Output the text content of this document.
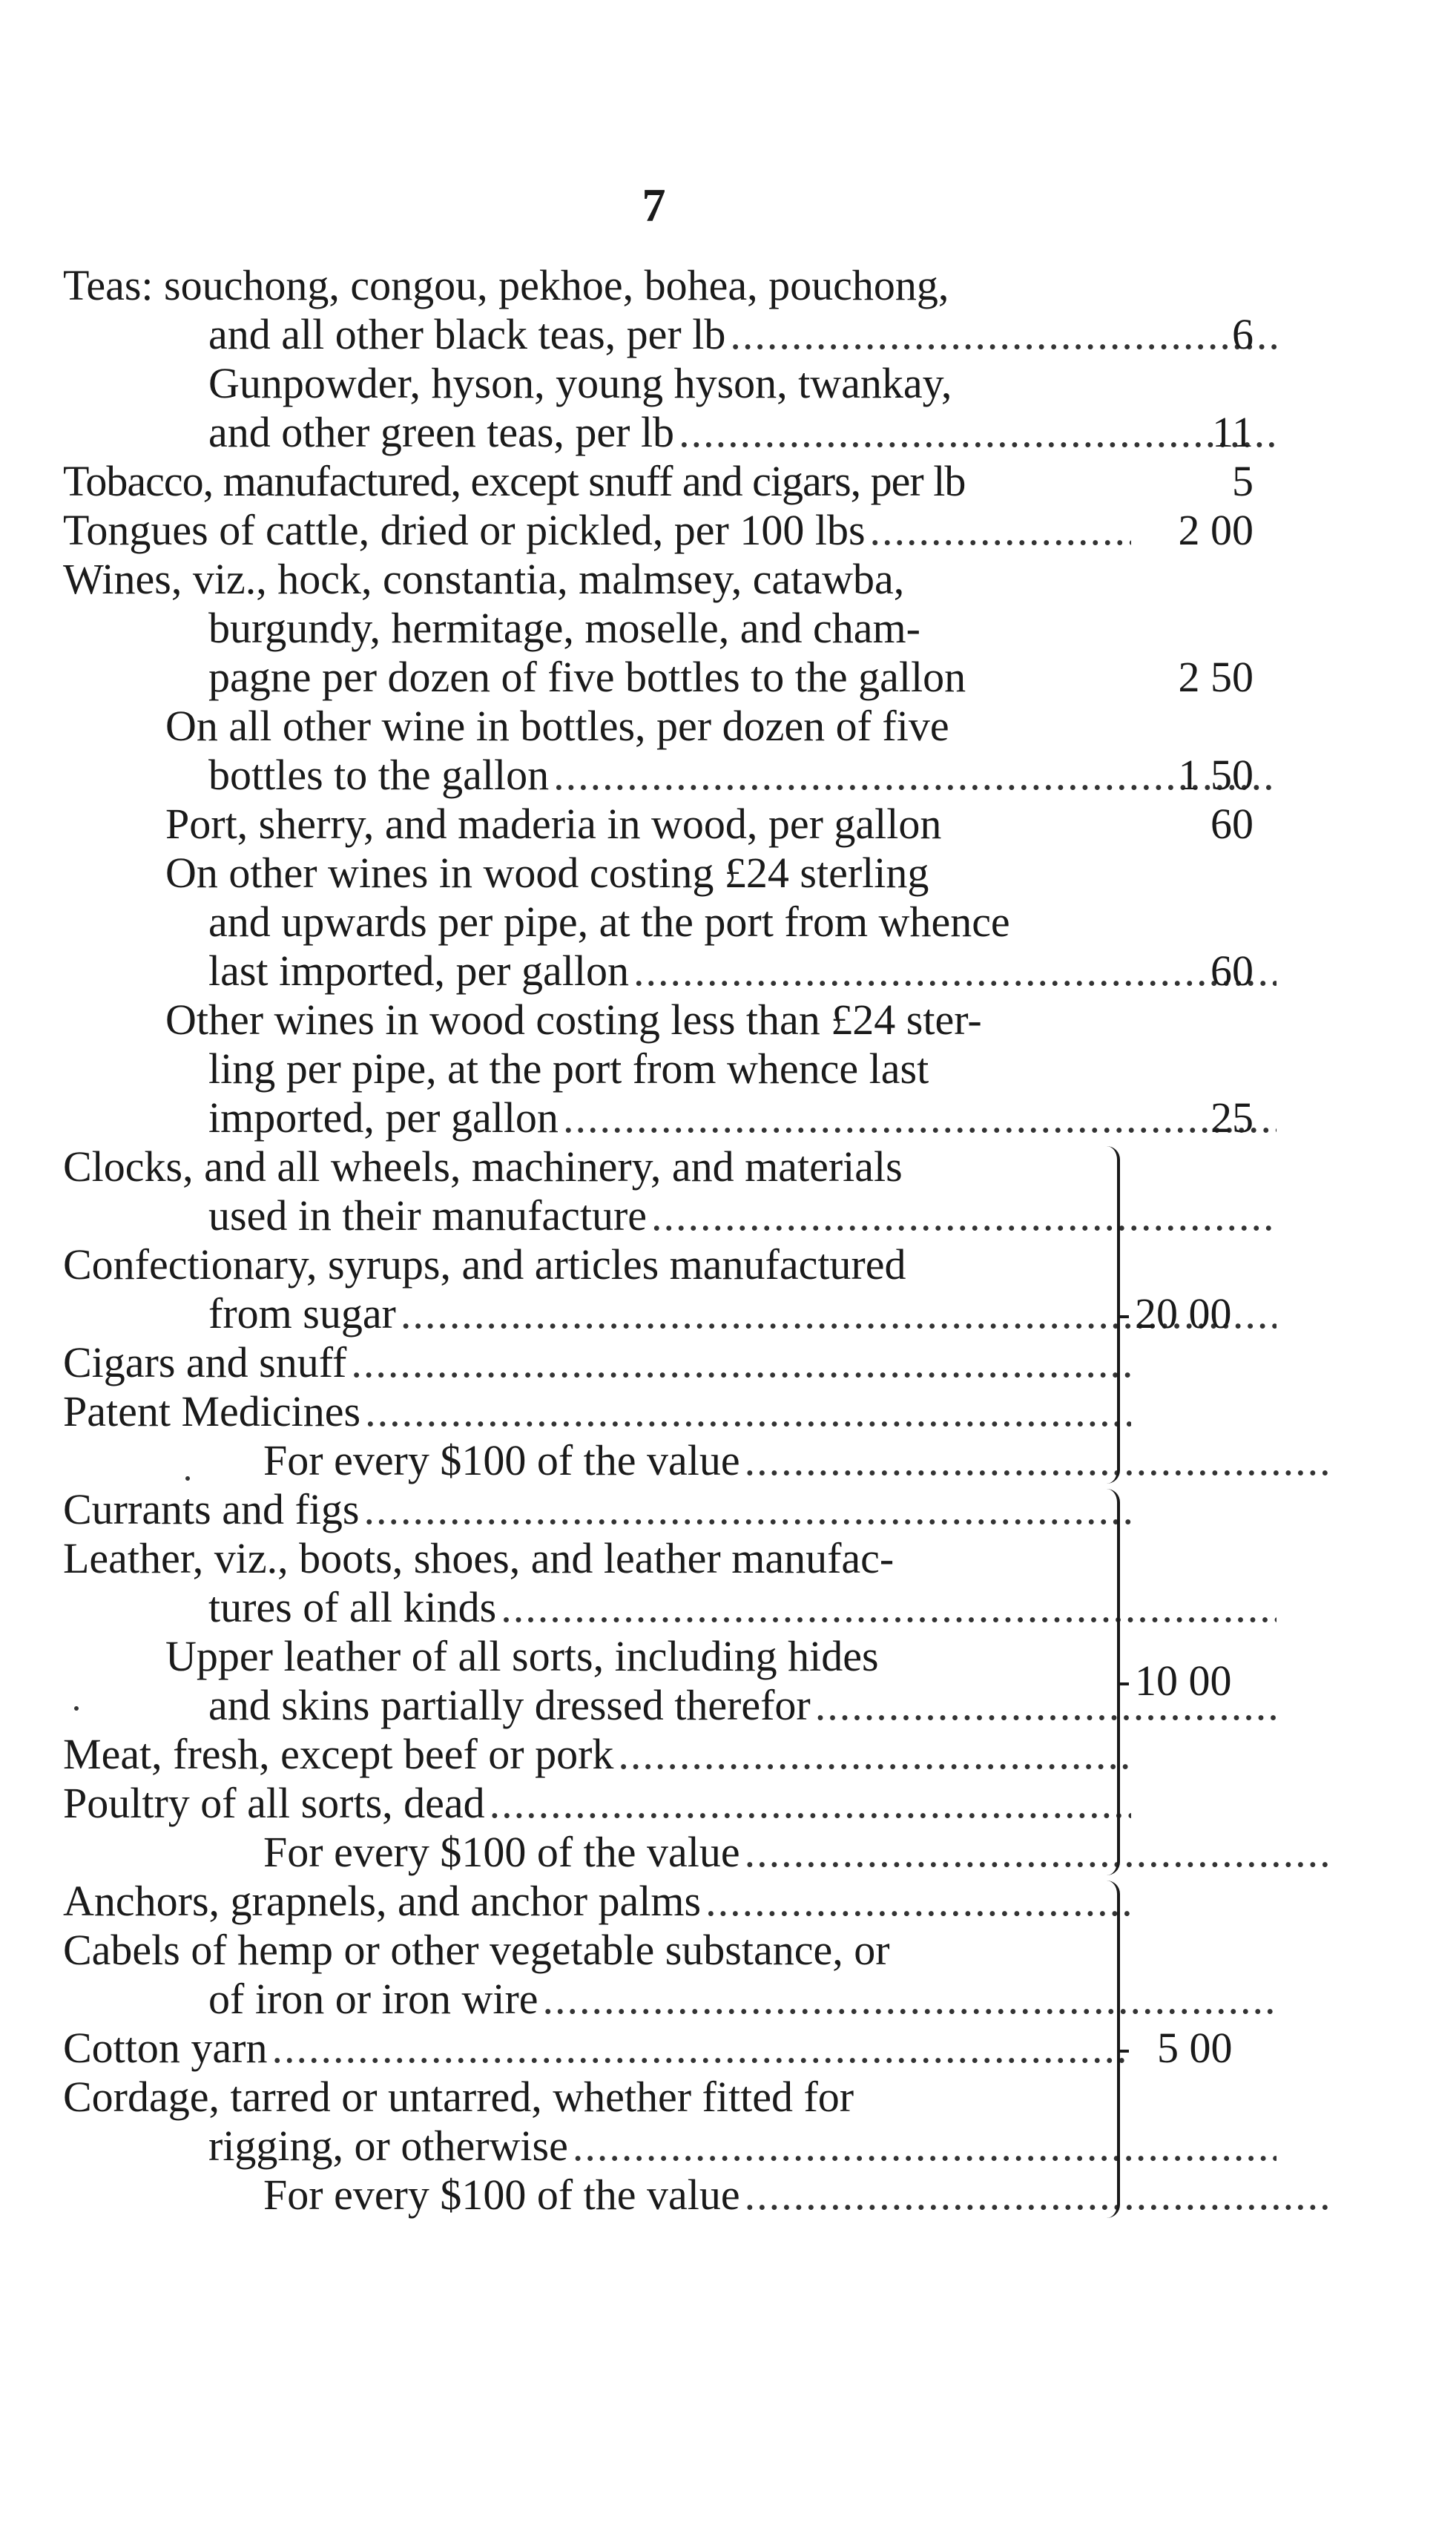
7
Teas: souchong, congou, pekhoe, bohea, pouchong,
and all other black teas, per lb
.....
Gunpowder, hyson, young hyson, twankay,
and other green teas, per lb
.....
Tobacco, manufactured, except snuff and cigars, per lb
Tongues of cattle, dried or pickled, per 100 lbs
.....
Wines, viz., hock, constantia, malmsey, catawba,
burgundy, hermitage, moselle, and cham-
pagne per dozen of five bottles to the gallon
On all other wine in bottles, per dozen of five
bottles to the gallon
.....
Port, sherry, and maderia in wood, per gallon
On other wines in wood costing £24 sterling
and upwards per pipe, at the port from whence
last imported, per gallon
.....
Other wines in wood costing less than £24 ster-
ling per pipe, at the port from whence last
imported, per gallon
.....
Clocks, and all wheels, machinery, and materials
used in their manufacture
.....
Confectionary, syrups, and articles manufactured
from sugar
.....
Cigars and snuff
.....
Patent Medicines
.....
For every $100 of the value
.....
Currants and figs
.....
Leather, viz., boots, shoes, and leather manufac-
tures of all kinds
.....
Upper leather of all sorts, including hides
and skins partially dressed therefor
.....
Meat, fresh, except beef or pork
.....
Poultry of all sorts, dead
.....
For every $100 of the value
.....
Anchors, grapnels, and anchor palms
.....
Cabels of hemp or other vegetable substance, or
of iron or iron wire
.....
Cotton yarn
.....
Cordage, tarred or untarred, whether fitted for
rigging, or otherwise
.....
For every $100 of the value
.....
6
11
5
2 00
2 50
1 50
60
60
25
20 00
10 00
5 00
